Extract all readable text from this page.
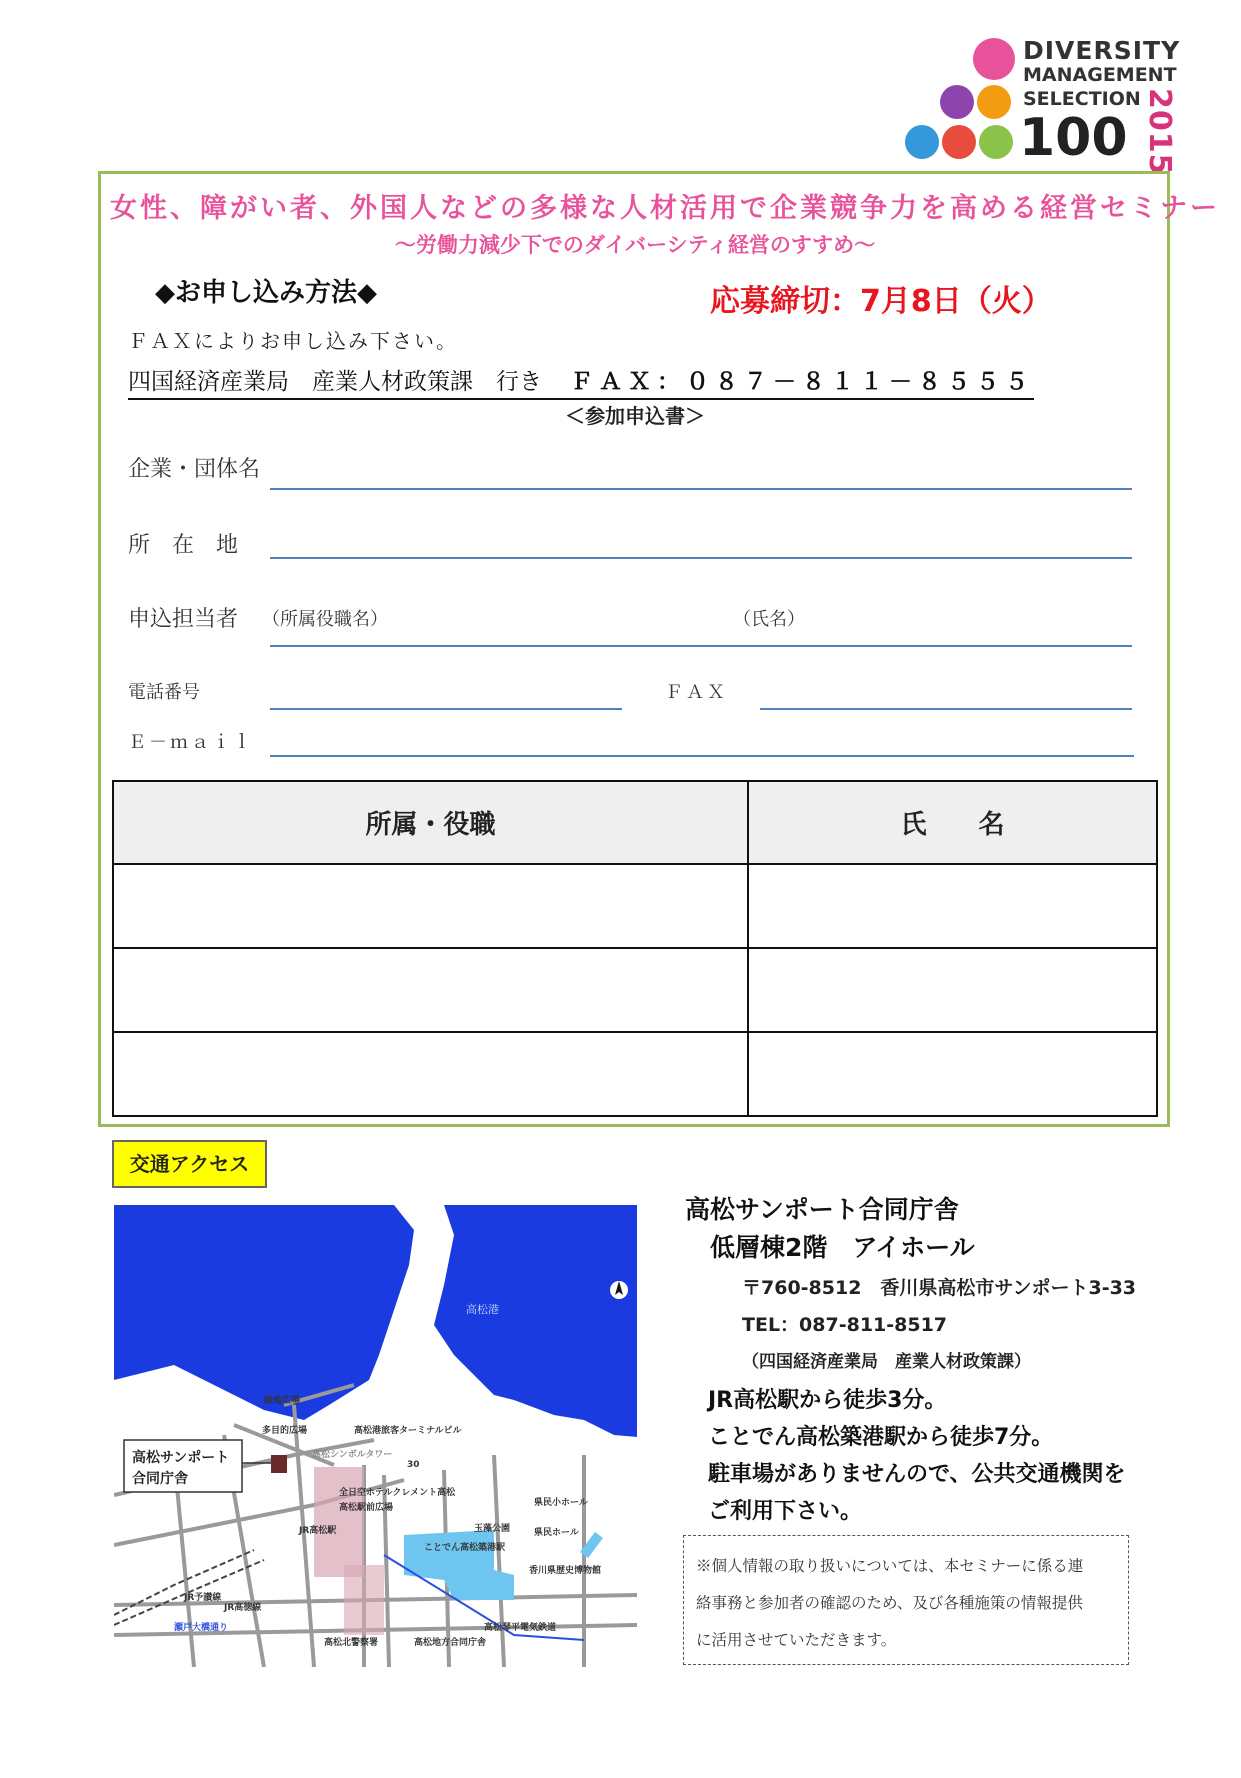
DIVERSITY
MANAGEMENT
SELECTION
100 2015
女性、障がい者、外国人などの多様な人材活用で企業競争力を高める経営セミナー
～労働力減少下でのダイバーシティ経営のすすめ～
◆お申し込み方法◆	応募締切：7月8日（火）
ＦＡＸによりお申し込み下さい。
四国経済産業局　産業人材政策課　行き ＦＡＸ：０８７－８１１－８５５５
＜参加申込書＞
企業・団体名
所　在　地
申込担当者 （所属役職名）	（氏名）
電話番号	ＦＡＸ
Ｅ－ｍａｉｌ
所属・役職	氏　　名

交通アクセス
高松サンポート
合同庁舎
高松港
緑地広場
多目的広場	高松港旅客ターミナルビル
高松シンボルタワー
全日空ホテルクレメント高松
高松駅前広場
JR高松駅	玉藻公園
ことでん高松築港駅
県民小ホール
県民ホール
香川県歴史博物館
高松地方合同庁舎
高松北警察署
JR予讃線
JR高徳線
瀬戸大橋通り	高松琴平電気鉄道
30
高松サンポート合同庁舎
低層棟2階　アイホール
〒760-8512　香川県高松市サンポート3-33
TEL：087-811-8517
（四国経済産業局　産業人材政策課）
JR高松駅から徒歩3分。
ことでん高松築港駅から徒歩7分。
駐車場がありませんので、公共交通機関を
ご利用下さい。
※個人情報の取り扱いについては、本セミナーに係る連
絡事務と参加者の確認のため、及び各種施策の情報提供
に活用させていただきます。
